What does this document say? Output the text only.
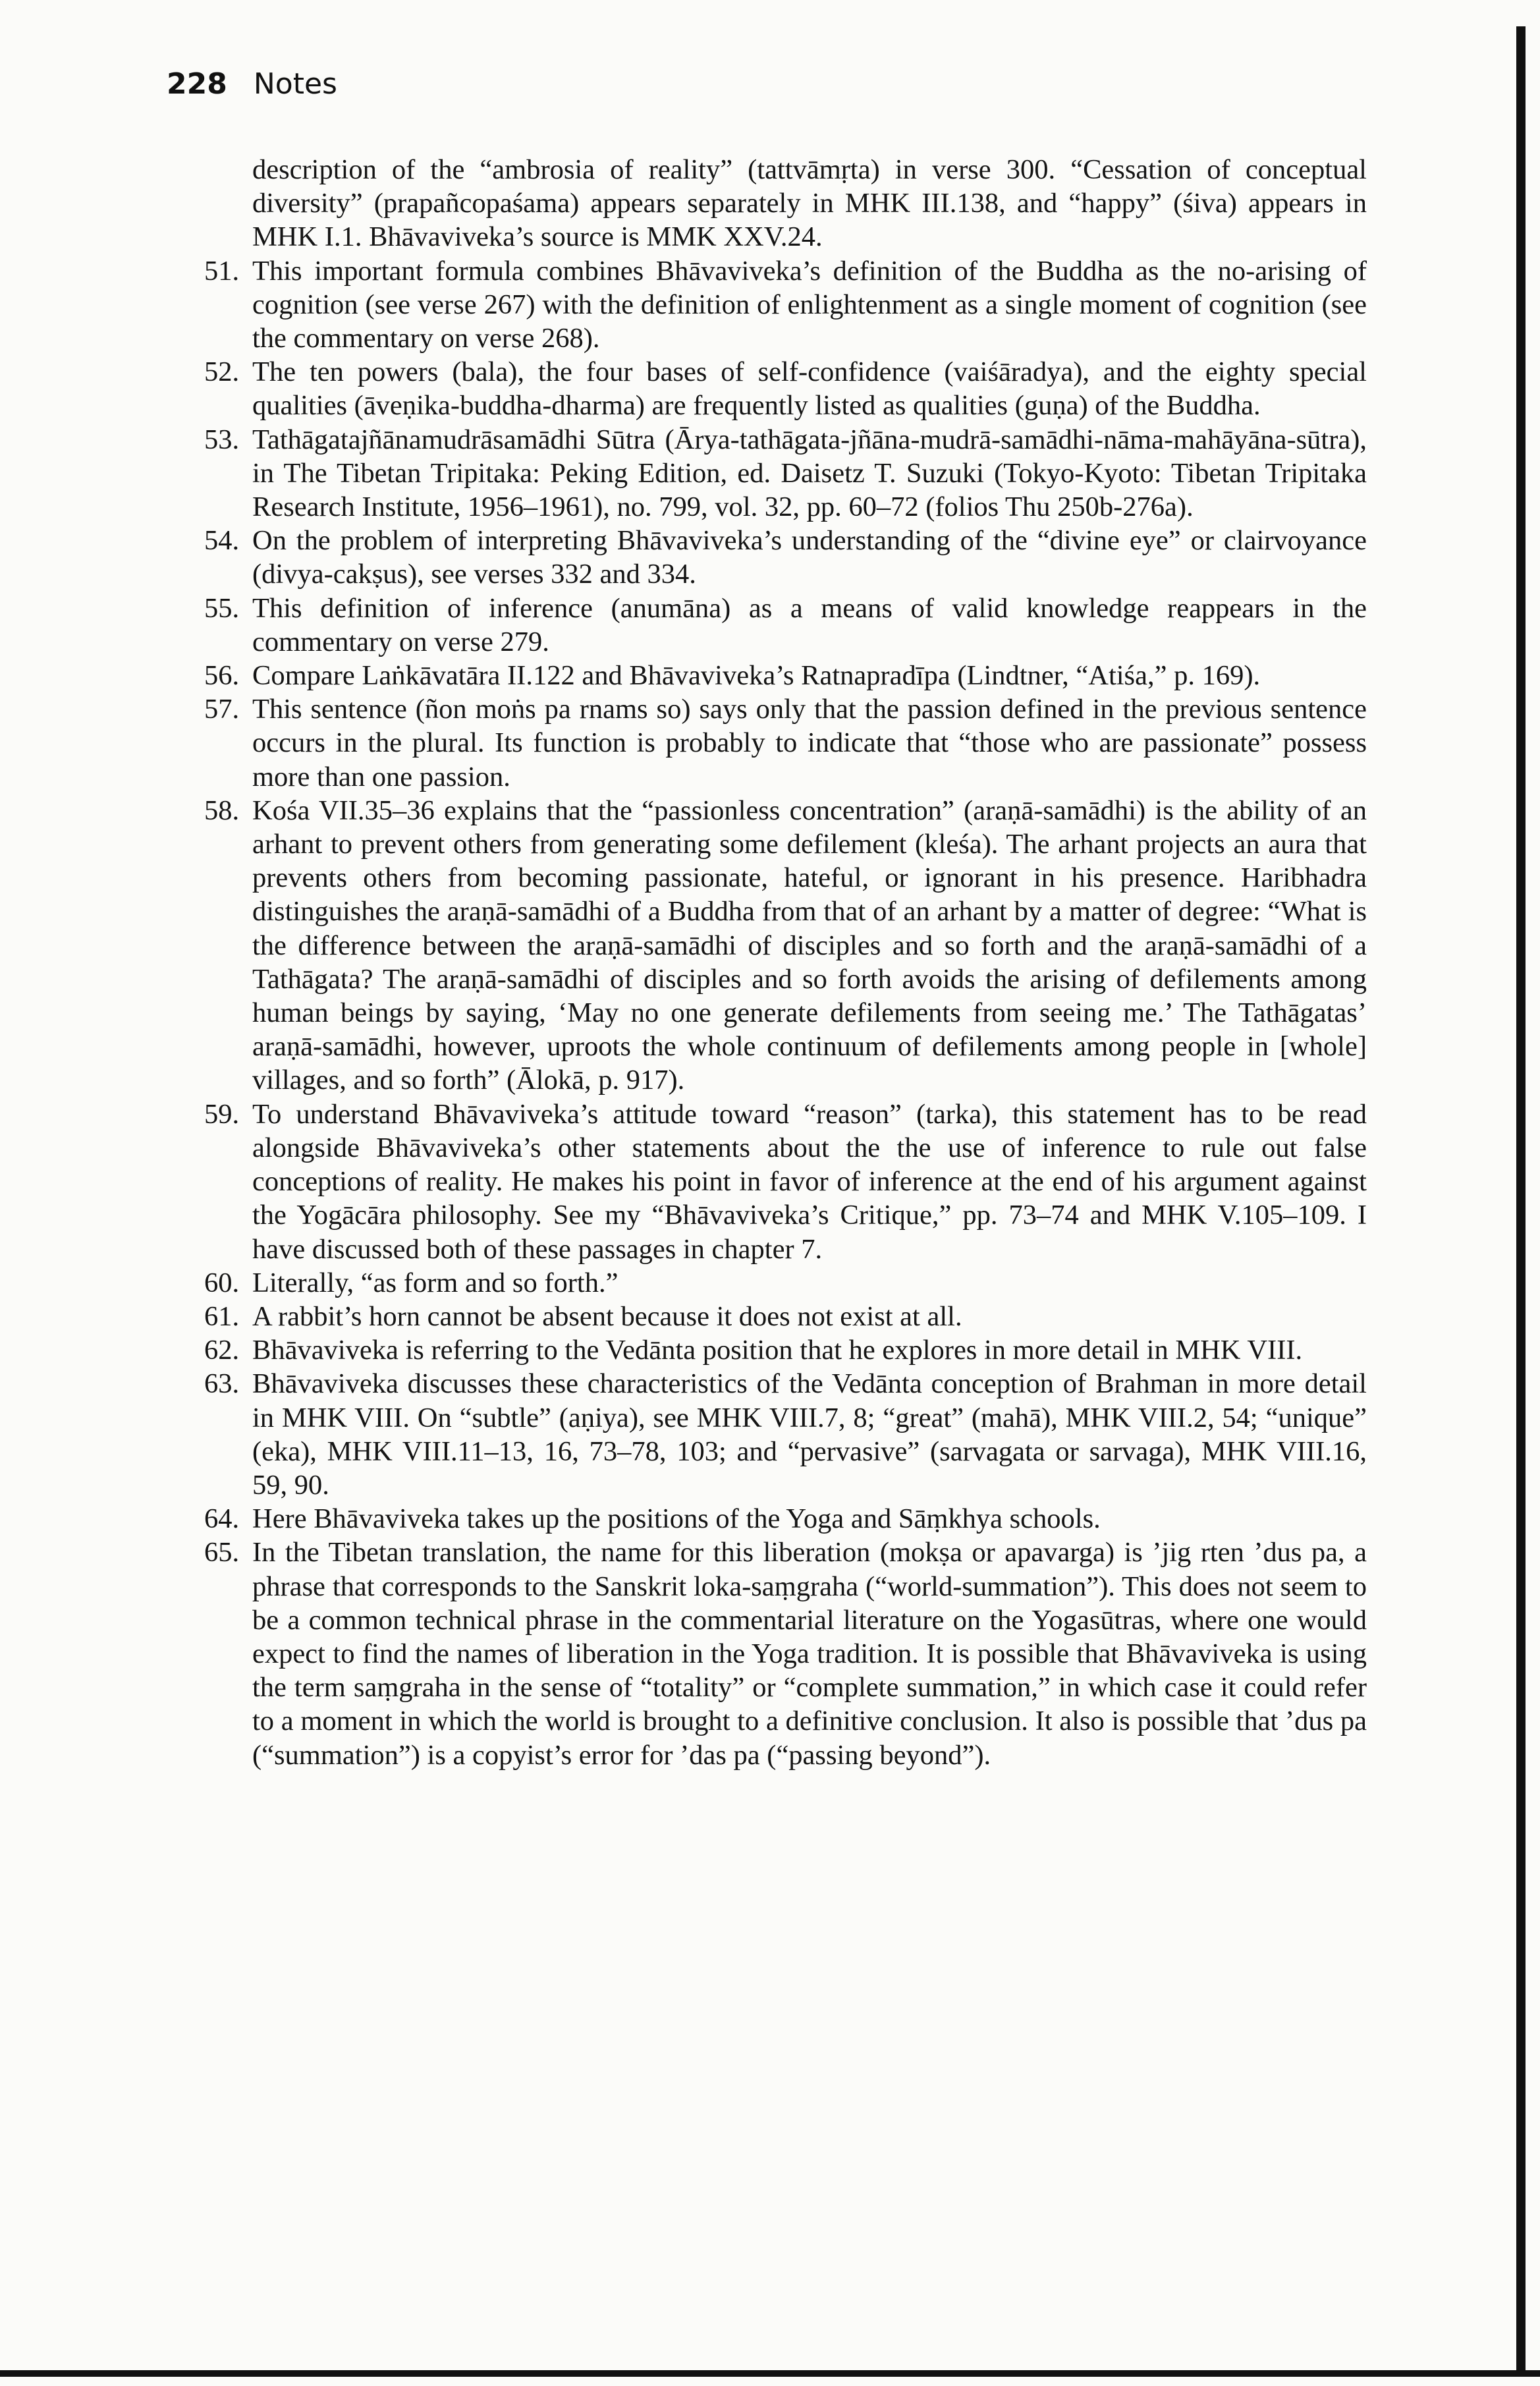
228 Notes
description of the “ambrosia of reality” (tattvāmṛta) in verse 300. “Cessation of conceptual diversity” (prapañcopaśama) appears separately in MHK III.138, and “happy” (śiva) appears in MHK I.1. Bhāvaviveka’s source is MMK XXV.24.
51. This important formula combines Bhāvaviveka’s definition of the Buddha as the no-arising of cognition (see verse 267) with the definition of enlightenment as a single moment of cognition (see the commentary on verse 268).
52. The ten powers (bala), the four bases of self-confidence (vaiśāradya), and the eighty special qualities (āveṇika-buddha-dharma) are frequently listed as qualities (guṇa) of the Buddha.
53. Tathāgatajñānamudrāsamādhi Sūtra (Ārya-tathāgata-jñāna-mudrā-samādhi-nāma-mahāyāna-sūtra), in The Tibetan Tripitaka: Peking Edition, ed. Daisetz T. Suzuki (Tokyo-Kyoto: Tibetan Tripitaka Research Institute, 1956–1961), no. 799, vol. 32, pp. 60–72 (folios Thu 250b-276a).
54. On the problem of interpreting Bhāvaviveka’s understanding of the “divine eye” or clairvoyance (divya-cakṣus), see verses 332 and 334.
55. This definition of inference (anumāna) as a means of valid knowledge reappears in the commentary on verse 279.
56. Compare Laṅkāvatāra II.122 and Bhāvaviveka’s Ratnapradīpa (Lindtner, “Atiśa,” p. 169).
57. This sentence (ñon moṅs pa rnams so) says only that the passion defined in the previous sentence occurs in the plural. Its function is probably to indicate that “those who are passionate” possess more than one passion.
58. Kośa VII.35–36 explains that the “passionless concentration” (araṇā-samādhi) is the ability of an arhant to prevent others from generating some defilement (kleśa). The arhant projects an aura that prevents others from becoming passionate, hateful, or ignorant in his presence. Haribhadra distinguishes the araṇā-samādhi of a Buddha from that of an arhant by a matter of degree: “What is the difference between the araṇā-samādhi of disciples and so forth and the araṇā-samādhi of a Tathāgata? The araṇā-samādhi of disciples and so forth avoids the arising of defilements among human beings by saying, ‘May no one generate defilements from seeing me.’ The Tathāgatas’ araṇā-samādhi, however, uproots the whole continuum of defilements among people in [whole] villages, and so forth” (Ālokā, p. 917).
59. To understand Bhāvaviveka’s attitude toward “reason” (tarka), this statement has to be read alongside Bhāvaviveka’s other statements about the the use of inference to rule out false conceptions of reality. He makes his point in favor of inference at the end of his argument against the Yogācāra philosophy. See my “Bhāvaviveka’s Critique,” pp. 73–74 and MHK V.105–109. I have discussed both of these passages in chapter 7.
60. Literally, “as form and so forth.”
61. A rabbit’s horn cannot be absent because it does not exist at all.
62. Bhāvaviveka is referring to the Vedānta position that he explores in more detail in MHK VIII.
63. Bhāvaviveka discusses these characteristics of the Vedānta conception of Brahman in more detail in MHK VIII. On “subtle” (aṇiya), see MHK VIII.7, 8; “great” (mahā), MHK VIII.2, 54; “unique” (eka), MHK VIII.11–13, 16, 73–78, 103; and “pervasive” (sarvagata or sarvaga), MHK VIII.16, 59, 90.
64. Here Bhāvaviveka takes up the positions of the Yoga and Sāṃkhya schools.
65. In the Tibetan translation, the name for this liberation (mokṣa or apavarga) is ’jig rten ’dus pa, a phrase that corresponds to the Sanskrit loka-saṃgraha (“world-summation”). This does not seem to be a common technical phrase in the commentarial literature on the Yogasūtras, where one would expect to find the names of liberation in the Yoga tradition. It is possible that Bhāvaviveka is using the term saṃgraha in the sense of “totality” or “complete summation,” in which case it could refer to a moment in which the world is brought to a definitive conclusion. It also is possible that ’dus pa (“summation”) is a copyist’s error for ’das pa (“passing beyond”).
